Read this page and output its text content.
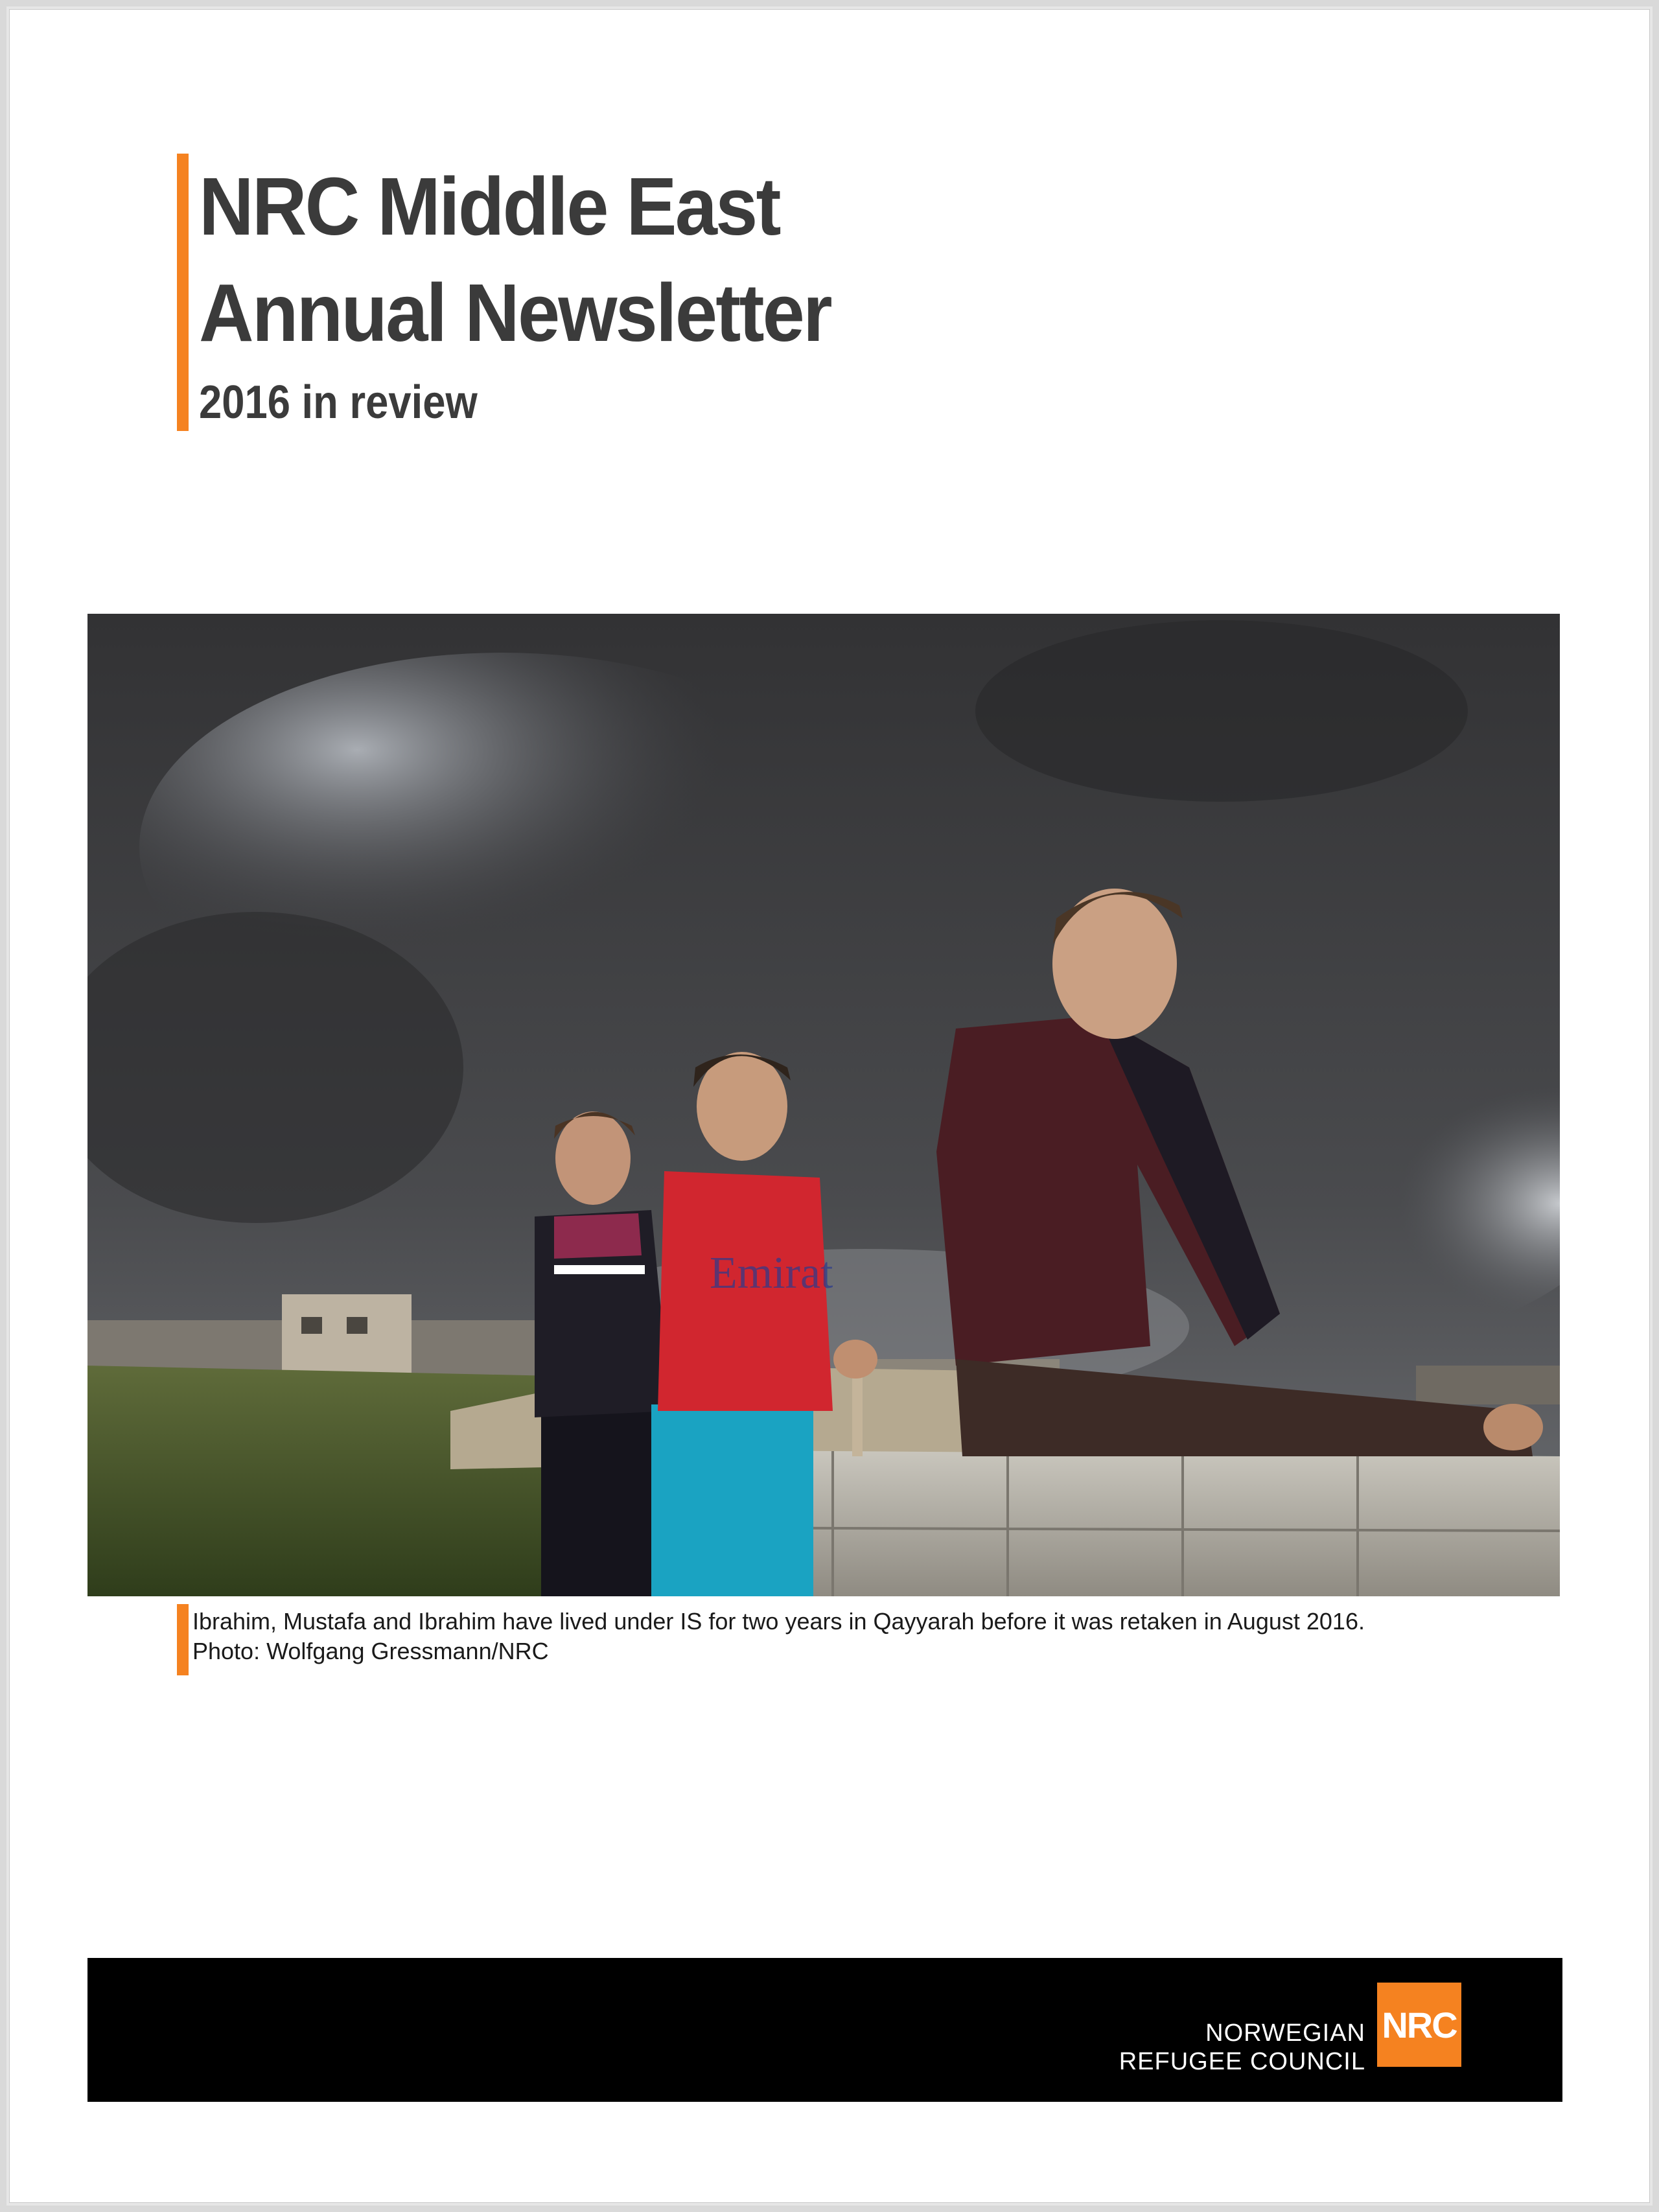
NRC Middle East
Annual Newsletter

2016 in review

Emirat

Ibrahim, Mustafa and Ibrahim have lived under IS for two years in Qayyarah before it was retaken in August 2016.
Photo: Wolfgang Gressmann/NRC

NORWEGIAN
REFUGEE COUNCIL
NRC
